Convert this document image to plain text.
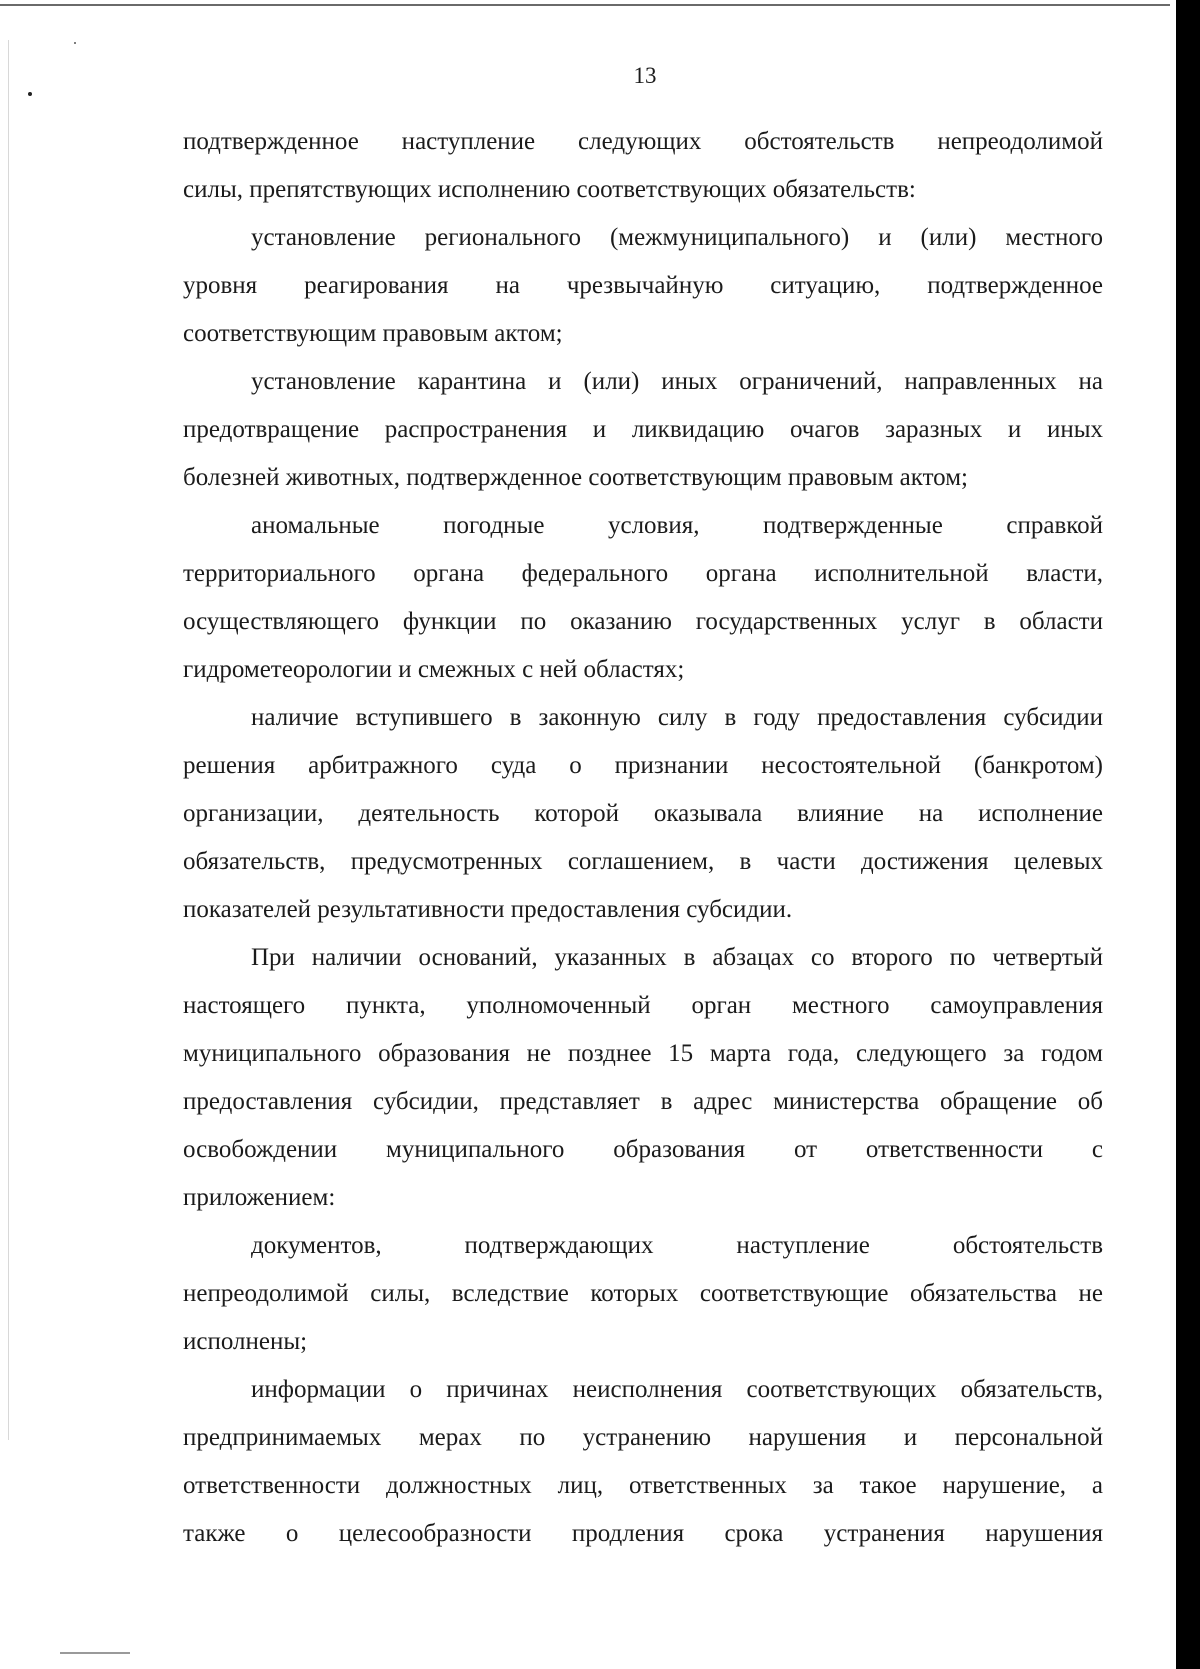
13
подтвержденное наступление следующих обстоятельств непреодолимой
силы, препятствующих исполнению соответствующих обязательств:
установление регионального (межмуниципального) и (или) местного
уровня реагирования на чрезвычайную ситуацию, подтвержденное
соответствующим правовым актом;
установление карантина и (или) иных ограничений, направленных на
предотвращение распространения и ликвидацию очагов заразных и иных
болезней животных, подтвержденное соответствующим правовым актом;
аномальные погодные условия, подтвержденные справкой
территориального органа федерального органа исполнительной власти,
осуществляющего функции по оказанию государственных услуг в области
гидрометеорологии и смежных с ней областях;
наличие вступившего в законную силу в году предоставления субсидии
решения арбитражного суда о признании несостоятельной (банкротом)
организации, деятельность которой оказывала влияние на исполнение
обязательств, предусмотренных соглашением, в части достижения целевых
показателей результативности предоставления субсидии.
При наличии оснований, указанных в абзацах со второго по четвертый
настоящего пункта, уполномоченный орган местного самоуправления
муниципального образования не позднее 15 марта года, следующего за годом
предоставления субсидии, представляет в адрес министерства обращение об
освобождении муниципального образования от ответственности с
приложением:
документов, подтверждающих наступление обстоятельств
непреодолимой силы, вследствие которых соответствующие обязательства не
исполнены;
информации о причинах неисполнения соответствующих обязательств,
предпринимаемых мерах по устранению нарушения и персональной
ответственности должностных лиц, ответственных за такое нарушение, а
также о целесообразности продления срока устранения нарушения
